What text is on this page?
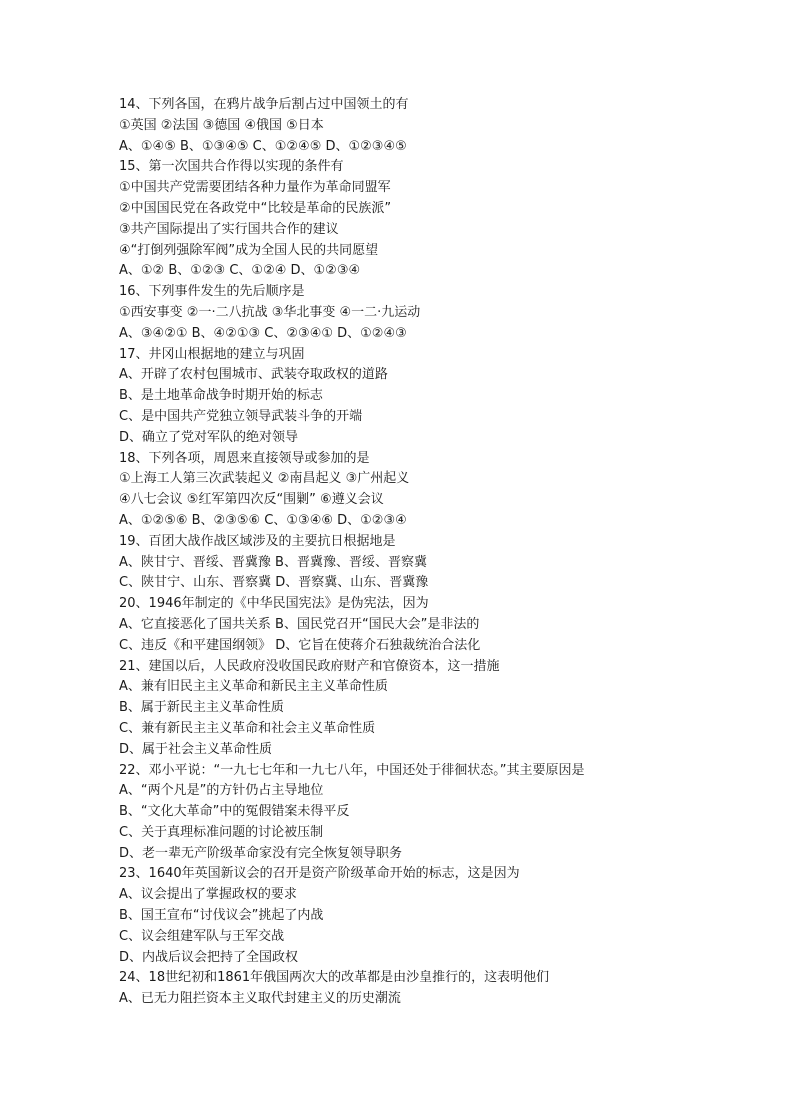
14、下列各国，在鸦片战争后割占过中国领土的有
①英国 ②法国 ③德国 ④俄国 ⑤日本
A、①④⑤ B、①③④⑤ C、①②④⑤ D、①②③④⑤
15、第一次国共合作得以实现的条件有
①中国共产党需要团结各种力量作为革命同盟军
②中国国民党在各政党中“比较是革命的民族派”
③共产国际提出了实行国共合作的建议
④“打倒列强除军阀”成为全国人民的共同愿望
A、①② B、①②③ C、①②④ D、①②③④
16、下列事件发生的先后顺序是
①西安事变 ②一·二八抗战 ③华北事变 ④一二·九运动
A、③④②① B、④②①③ C、②③④① D、①②④③
17、井冈山根据地的建立与巩固
A、开辟了农村包围城市、武装夺取政权的道路
B、是土地革命战争时期开始的标志
C、是中国共产党独立领导武装斗争的开端
D、确立了党对军队的绝对领导
18、下列各项，周恩来直接领导或参加的是
①上海工人第三次武装起义 ②南昌起义 ③广州起义
④八七会议 ⑤红军第四次反“围剿” ⑥遵义会议
A、①②⑤⑥ B、②③⑤⑥ C、①③④⑥ D、①②③④
19、百团大战作战区域涉及的主要抗日根据地是
A、陕甘宁、晋绥、晋冀豫 B、晋冀豫、晋绥、晋察冀
C、陕甘宁、山东、晋察冀 D、晋察冀、山东、晋冀豫
20、1946年制定的《中华民国宪法》是伪宪法，因为
A、它直接恶化了国共关系 B、国民党召开“国民大会”是非法的
C、违反《和平建国纲领》 D、它旨在使蒋介石独裁统治合法化
21、建国以后，人民政府没收国民政府财产和官僚资本，这一措施
A、兼有旧民主主义革命和新民主主义革命性质
B、属于新民主主义革命性质
C、兼有新民主主义革命和社会主义革命性质
D、属于社会主义革命性质
22、邓小平说：“一九七七年和一九七八年，中国还处于徘徊状态。”其主要原因是
A、“两个凡是”的方针仍占主导地位
B、“文化大革命”中的冤假错案未得平反
C、关于真理标准问题的讨论被压制
D、老一辈无产阶级革命家没有完全恢复领导职务
23、1640年英国新议会的召开是资产阶级革命开始的标志，这是因为
A、议会提出了掌握政权的要求
B、国王宣布“讨伐议会”挑起了内战
C、议会组建军队与王军交战
D、内战后议会把持了全国政权
24、18世纪初和1861年俄国两次大的改革都是由沙皇推行的，这表明他们
A、已无力阻拦资本主义取代封建主义的历史潮流
